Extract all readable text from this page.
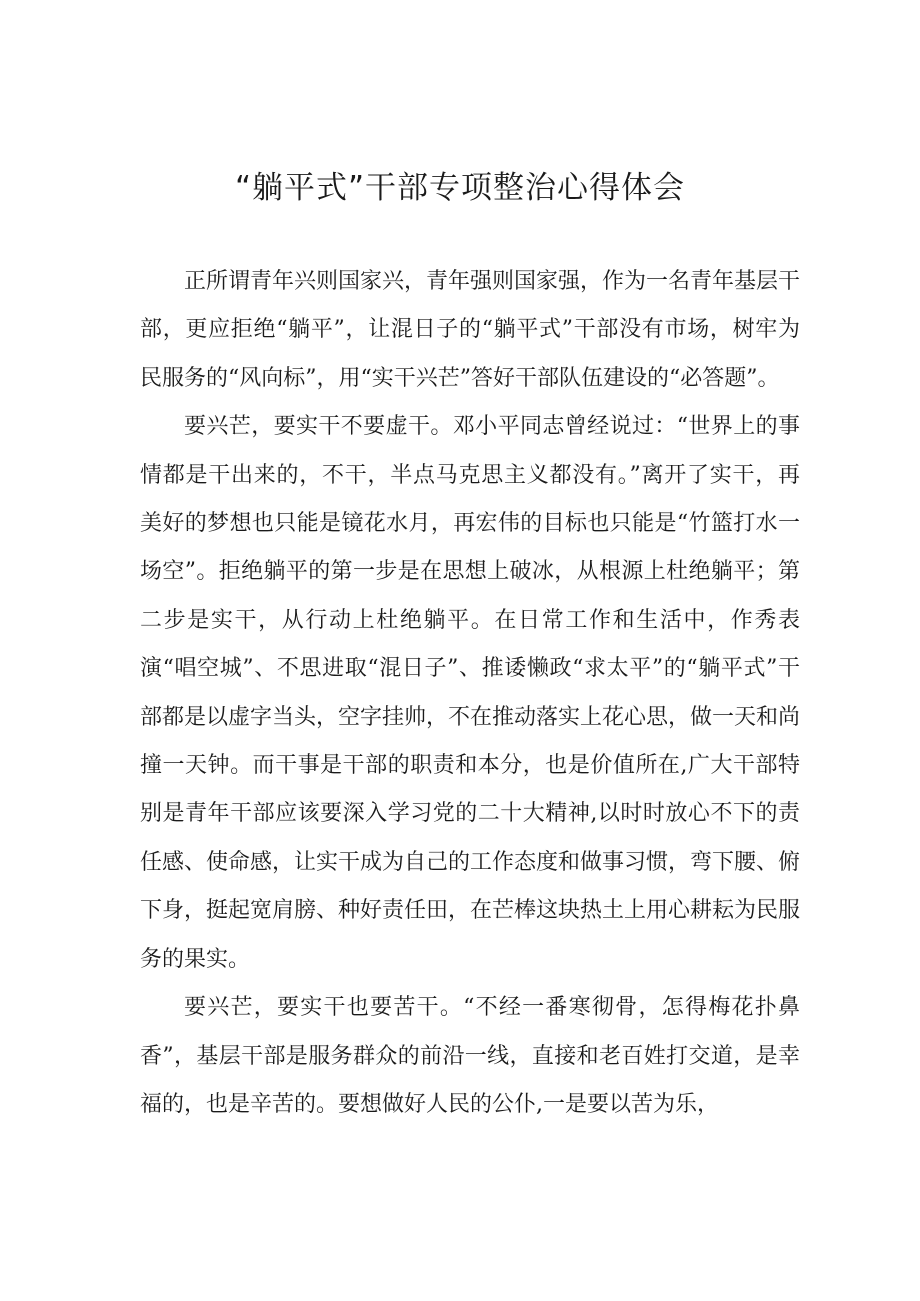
“躺平式”干部专项整治心得体会

正所谓青年兴则国家兴，青年强则国家强，作为一名青年基层干部，更应拒绝“躺平”，让混日子的“躺平式”干部没有市场，树牢为民服务的“风向标”，用“实干兴芒”答好干部队伍建设的“必答题”。

要兴芒，要实干不要虚干。邓小平同志曾经说过：“世界上的事情都是干出来的，不干，半点马克思主义都没有。”离开了实干，再美好的梦想也只能是镜花水月，再宏伟的目标也只能是“竹篮打水一场空”。拒绝躺平的第一步是在思想上破冰，从根源上杜绝躺平；第二步是实干，从行动上杜绝躺平。在日常工作和生活中，作秀表演“唱空城”、不思进取“混日子”、推诿懒政“求太平”的“躺平式”干部都是以虚字当头，空字挂帅，不在推动落实上花心思，做一天和尚撞一天钟。而干事是干部的职责和本分，也是价值所在,广大干部特别是青年干部应该要深入学习党的二十大精神,以时时放心不下的责任感、使命感，让实干成为自己的工作态度和做事习惯，弯下腰、俯下身，挺起宽肩膀、种好责任田，在芒棒这块热土上用心耕耘为民服务的果实。

要兴芒，要实干也要苦干。“不经一番寒彻骨，怎得梅花扑鼻香”，基层干部是服务群众的前沿一线，直接和老百姓打交道，是幸福的，也是辛苦的。要想做好人民的公仆,一是要以苦为乐，
